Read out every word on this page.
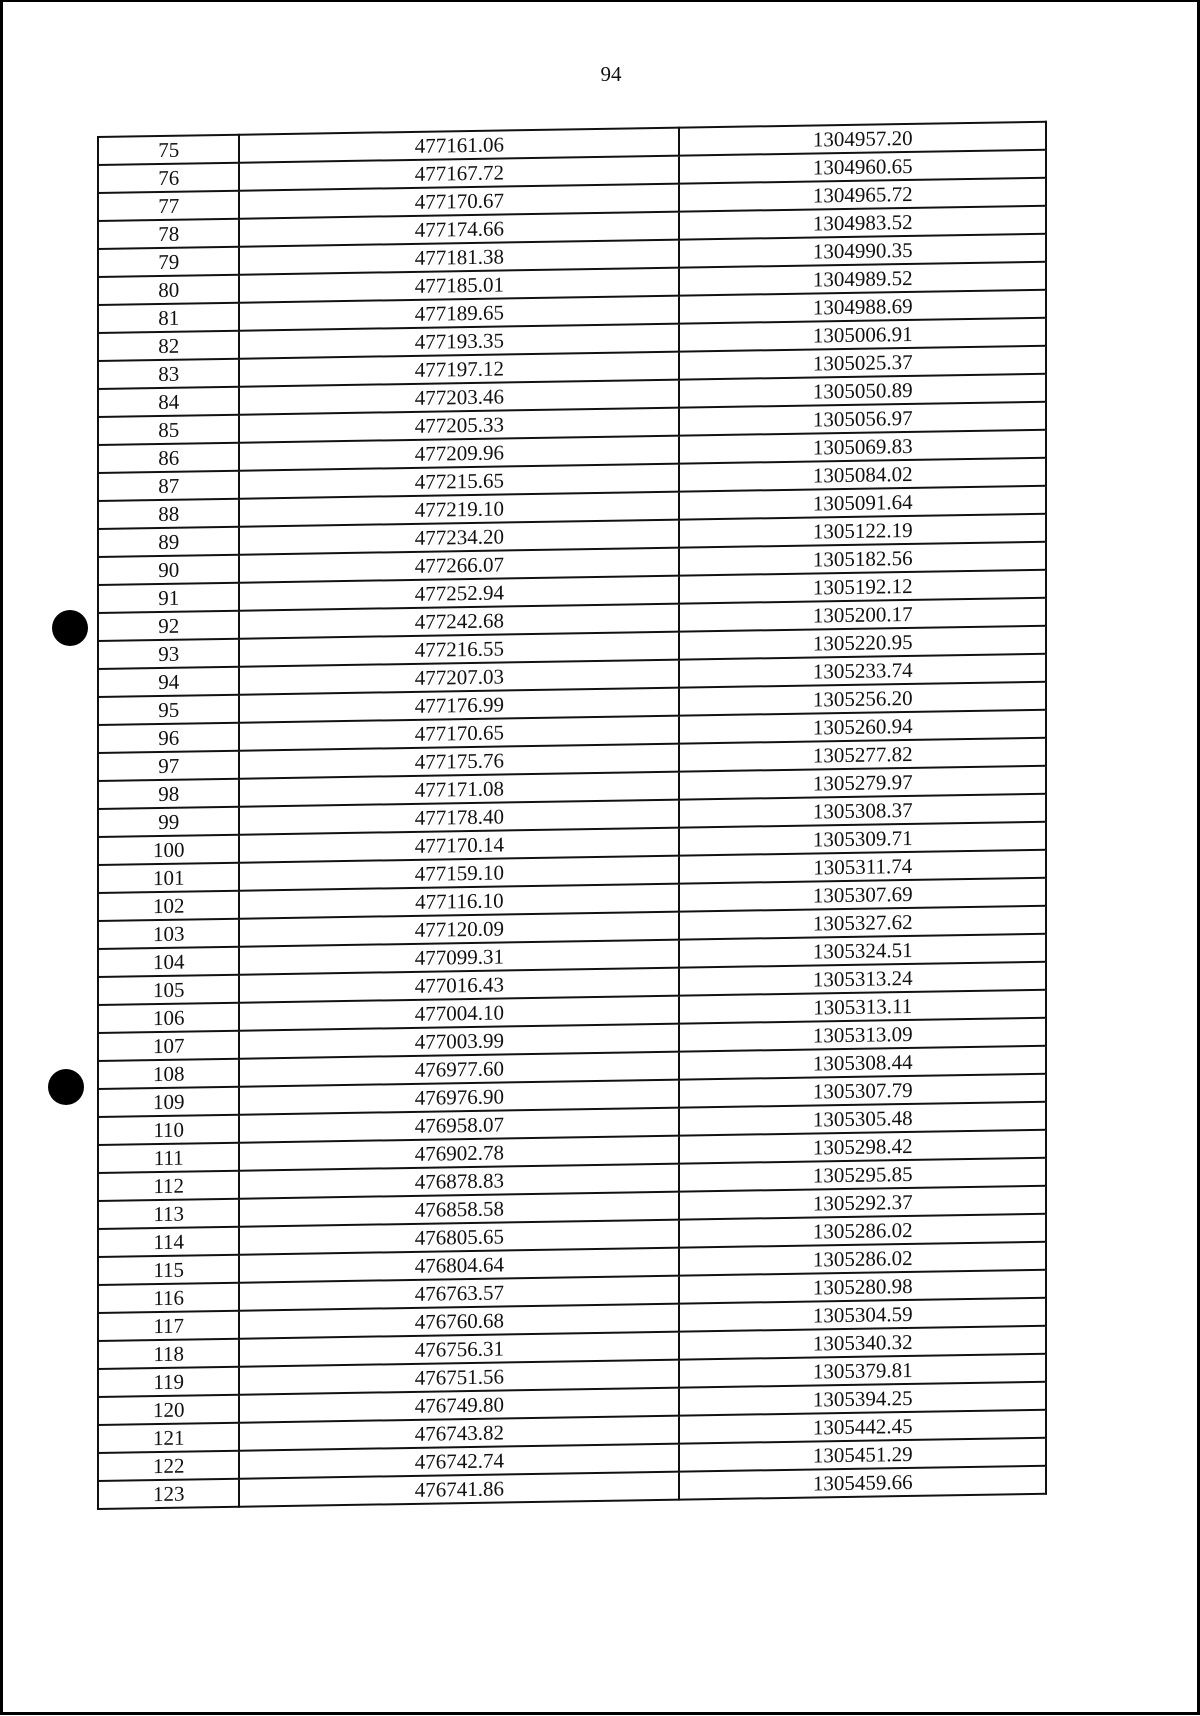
94
75	477161.06	1304957.20
76	477167.72	1304960.65
77	477170.67	1304965.72
78	477174.66	1304983.52
79	477181.38	1304990.35
80	477185.01	1304989.52
81	477189.65	1304988.69
82	477193.35	1305006.91
83	477197.12	1305025.37
84	477203.46	1305050.89
85	477205.33	1305056.97
86	477209.96	1305069.83
87	477215.65	1305084.02
88	477219.10	1305091.64
89	477234.20	1305122.19
90	477266.07	1305182.56
91	477252.94	1305192.12
92	477242.68	1305200.17
93	477216.55	1305220.95
94	477207.03	1305233.74
95	477176.99	1305256.20
96	477170.65	1305260.94
97	477175.76	1305277.82
98	477171.08	1305279.97
99	477178.40	1305308.37
100	477170.14	1305309.71
101	477159.10	1305311.74
102	477116.10	1305307.69
103	477120.09	1305327.62
104	477099.31	1305324.51
105	477016.43	1305313.24
106	477004.10	1305313.11
107	477003.99	1305313.09
108	476977.60	1305308.44
109	476976.90	1305307.79
110	476958.07	1305305.48
111	476902.78	1305298.42
112	476878.83	1305295.85
113	476858.58	1305292.37
114	476805.65	1305286.02
115	476804.64	1305286.02
116	476763.57	1305280.98
117	476760.68	1305304.59
118	476756.31	1305340.32
119	476751.56	1305379.81
120	476749.80	1305394.25
121	476743.82	1305442.45
122	476742.74	1305451.29
123	476741.86	1305459.66
